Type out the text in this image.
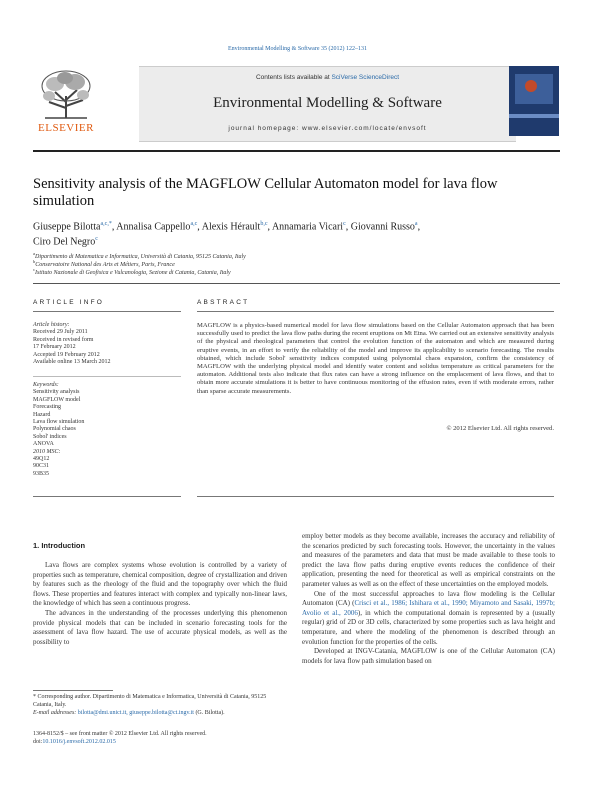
Environmental Modelling & Software 35 (2012) 122–131
ELSEVIER
Contents lists available at SciVerse ScienceDirect
Environmental Modelling & Software
journal homepage: www.elsevier.com/locate/envsoft
Sensitivity analysis of the MAGFLOW Cellular Automaton model for lava flow simulation
Giuseppe Bilotta$^{a,c,*}$, Annalisa Cappello$^{a,c}$, Alexis Hérault$^{b,c}$, Annamaria Vicari$^c$, Giovanni Russo$^a$,
Ciro Del Negro$^c$
$^a$Dipartimento di Matematica e Informatica, Università di Catania, 95125 Catania, Italy
$^b$Conservatoire National des Arts et Métiers, Paris, France
$^c$Istituto Nazionale di Geofisica e Vulcanologia, Sezione di Catania, Catania, Italy
ARTICLE INFO	ABSTRACT
Article history:
Received 29 July 2011
Received in revised form
17 February 2012
Accepted 19 February 2012
Available online 13 March 2012
Keywords:
Sensitivity analysis
MAGFLOW model
Forecasting
Hazard
Lava flow simulation
Polynomial chaos
Sobol' indices
ANOVA
2010 MSC:
49Q12
90C31
93B35
MAGFLOW is a physics-based numerical model for lava flow simulations based on the Cellular Automaton approach that has been successfully used to predict the lava flow paths during the recent eruptions on Mt Etna. We carried out an extensive sensitivity analysis of the physical and rheological parameters that control the evolution function of the automaton and which are measured during eruptive events, in an effort to verify the reliability of the model and improve its applicability to scenario forecasting. The results obtained, which include Sobol' sensitivity indices computed using polynomial chaos expansion, confirm the consistency of MAGFLOW with the underlying physical model and identify water content and solidus temperature as critical parameters for the automaton. Additional tests also indicate that flux rates can have a strong influence on the emplacement of lava flows, and that to obtain more accurate simulations it is better to have continuous monitoring of the effusion rates, even if with moderate errors, rather than sparse accurate measurements.
© 2012 Elsevier Ltd. All rights reserved.
1. Introduction

Lava flows are complex systems whose evolution is controlled by a variety of properties such as temperature, chemical composition, degree of crystallization and driven by features such as the rheology of the fluid and the topography over which the fluid flows. These properties and features interact with complex and typically non-linear laws, the knowledge of which has seen a continuous progress.

The advances in the understanding of the processes underlying this phenomenon provide physical models that can be included in scenario forecasting tools for the assessment of lava flow hazard. The use of accurate physical models, as well as the possibility to

employ better models as they become available, increases the accuracy and reliability of the scenarios predicted by such forecasting tools. However, the uncertainty in the values and measures of the parameters and data that must be made available to these tools to predict the lava flow paths during eruptive events reduces the confidence of their application, presenting the need for theoretical as well as empirical constraints on the parameter values as well as on the effect of these uncertainties on the employed models.

One of the most successful approaches to lava flow modeling is the Cellular Automaton (CA) (Crisci et al., 1986; Ishihara et al., 1990; Miyamoto and Sasaki, 1997b; Avolio et al., 2006), in which the computational domain is represented by a (usually regular) grid of 2D or 3D cells, characterized by some properties such as lava height and temperature, and where the modeling of the phenomenon is described through an evolution function for the properties of the cells.

Developed at INGV-Catania, MAGFLOW is one of the Cellular Automaton (CA) models for lava flow path simulation based on

* Corresponding author. Dipartimento di Matematica e Informatica, Università di Catania, 95125 Catania, Italy.
E-mail addresses: bilotta@dmi.unict.it, giuseppe.bilotta@ct.ingv.it (G. Bilotta).
1364-8152/$ – see front matter © 2012 Elsevier Ltd. All rights reserved.
doi:10.1016/j.envsoft.2012.02.015
